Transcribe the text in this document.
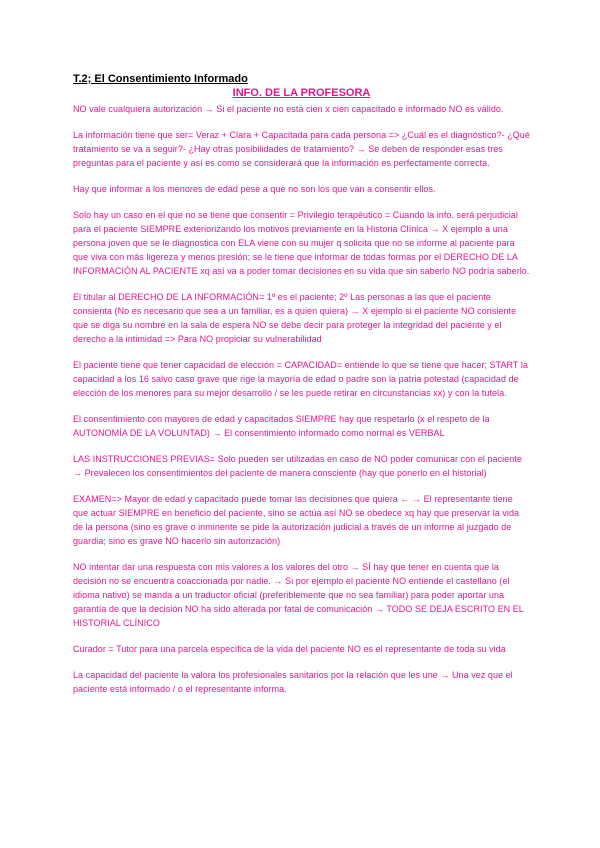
T.2; El Consentimiento Informado
INFO. DE LA PROFESORA

NO vale cualquiera autorización → Si el paciente no está cien x cien capacitado e informado NO es válido.

La información tiene que ser= Veraz + Clara + Capacitada para cada persona => ¿Cuál es el diagnóstico?- ¿Qué tratamiento se va a seguir?- ¿Hay otras posibilidades de tratamiento? → Se deben de responder esas tres preguntas para el paciente y así es como se considerará que la información es perfectamente correcta.

Hay que informar a los menores de edad pese a que no son los que van a consentir ellos.

Solo hay un caso en el que no se tiene que consentir = Privilegio terapéutico = Cuando la info. será perjudicial para el paciente SIEMPRE exteriorizando los motivos previamente en la Historia Clínica → X ejemplo a una persona joven que se le diagnostica con ELA viene con su mujer q solicita que no se informe al paciente para que viva con más ligereza y menos presión; se le tiene que informar de todas formas por el DERECHO DE LA INFORMACIÓN AL PACIENTE xq así va a poder tomar decisiones en su vida que sin saberlo NO podría saberlo.

El titular al DERECHO DE LA INFORMACIÓN= 1º es el paciente; 2º Las personas a las que el paciente consienta (No es necesario que sea a un familiar, es a quien quiera) → X ejemplo si el paciente NO consiente que se diga su nombre en la sala de espera NO se debe decir para proteger la integridad del paciente y el derecho a la intimidad => Para NO propiciar su vulnerabilidad

El paciente tiene que tener capacidad de elección = CAPACIDAD= entiende lo que se tiene que hacer; START la capacidad a los 16 salvo caso grave que rige la mayoría de edad o padre son la patria potestad (capacidad de elección de los menores para su mejor desarrollo / se les puede retirar en circunstancias xx) y con la tutela.

El consentimiento con mayores de edad y capacitados SIEMPRE hay que respetarlo (x el respeto de la AUTONOMÍA DE LA VOLUNTAD) → El consentimiento informado como normal es VERBAL

LAS INSTRUCCIONES PREVIAS= Solo pueden ser utilizadas en caso de NO poder comunicar con el paciente → Prevalecen los consentimientos del paciente de manera consciente (hay que ponerlo en el historial)

EXAMEN=> Mayor de edad y capacitado puede tomar las decisiones que quiera ← → El representante tiene que actuar SIEMPRE en beneficio del paciente, sino se actúa así NO se obedece xq hay que preservar la vida de la persona (sino es grave o inminente se pide la autorización judicial a través de un informe al juzgado de guardia; sino es grave NO hacerlo sin autorización)

NO intentar dar una respuesta con mis valores a los valores del otro → SÍ hay que tener en cuenta que la decisión no se encuentra coaccionada por nadie. → Si por ejemplo el paciente NO entiende el castellano (el idioma nativo) se manda a un traductor oficial (preferiblemente que no sea familiar) para poder aportar una garantía de que la decisión NO ha sido alterada por fatal de comunicación → TODO SE DEJA ESCRITO EN EL HISTORIAL CLÍNICO

Curador = Tutor para una parcela específica de la vida del paciente NO es el representante de toda su vida

La capacidad del paciente la valora los profesionales sanitarios por la relación que les une → Una vez que el paciente está informado / o el representante informa.
